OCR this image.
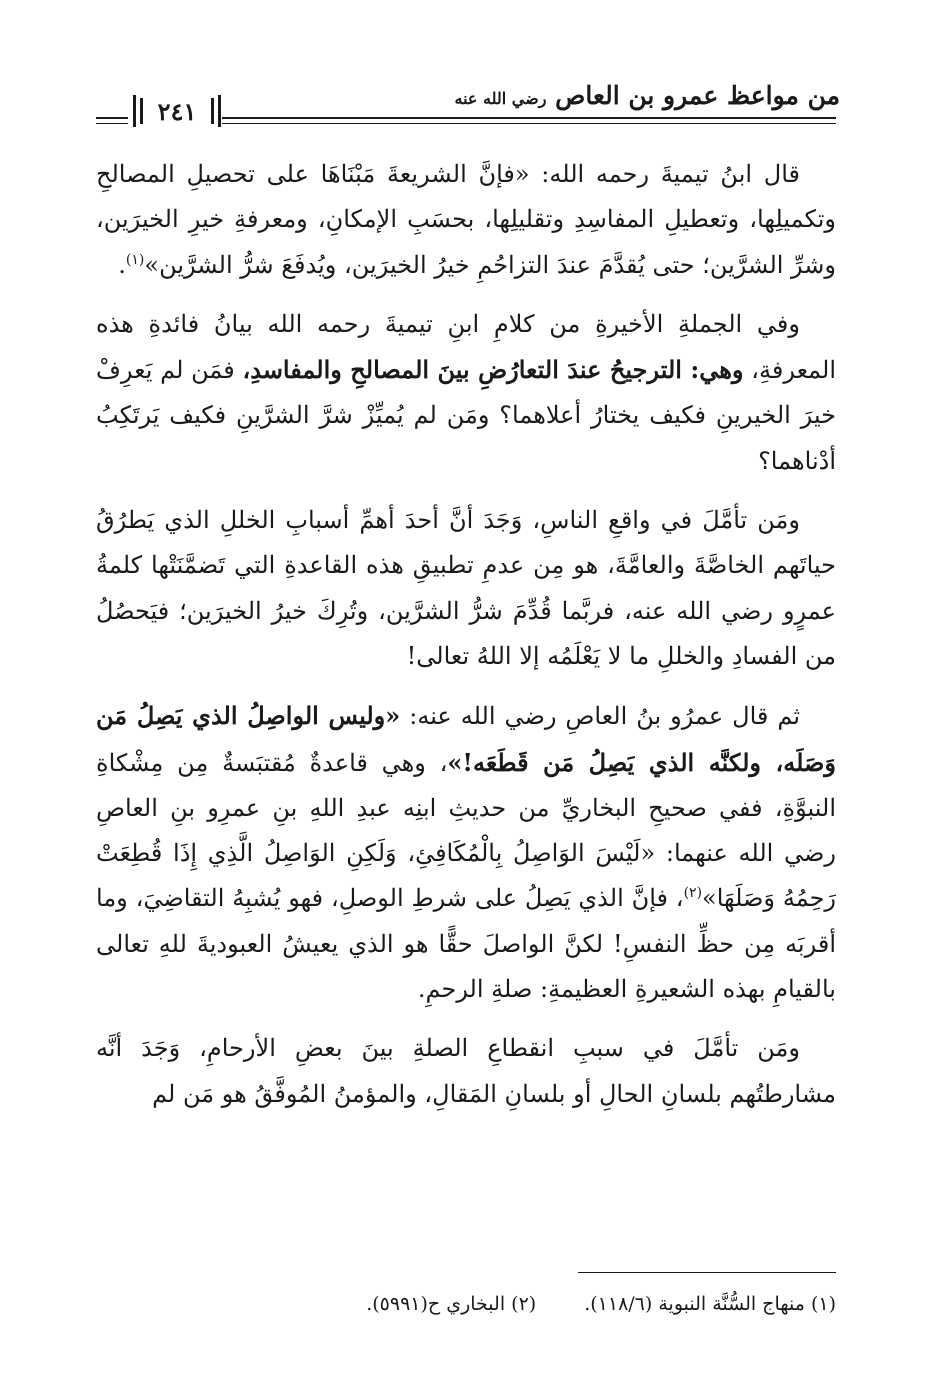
من مواعظ عمرو بن العاص رضي الله عنه
٢٤١

قال ابنُ تيميةَ رحمه الله: «فإنَّ الشريعةَ مَبْنَاهَا على تحصيلِ المصالحِ وتكميلِها، وتعطيلِ المفاسِدِ وتقليلِها، بحسَبِ الإمكانِ، ومعرفةِ خيرِ الخيرَين، وشرِّ الشرَّين؛ حتى يُقدَّمَ عندَ التزاحُمِ خيرُ الخيرَين، ويُدفَعَ شرُّ الشرَّين»$^{(١)}$.

وفي الجملةِ الأخيرةِ من كلامِ ابنِ تيميةَ رحمه الله بيانُ فائدةِ هذه المعرفةِ، وهي: الترجيحُ عندَ التعارُضِ بينَ المصالحِ والمفاسدِ، فمَن لم يَعرِفْ خيرَ الخيرينِ فكيف يختارُ أعلاهما؟ ومَن لم يُميِّزْ شرَّ الشرَّينِ فكيف يَرتَكِبُ أدْناهما؟

ومَن تأمَّلَ في واقعِ الناسِ، وَجَدَ أنَّ أحدَ أهمِّ أسبابِ الخللِ الذي يَطرُقُ حياتَهم الخاصَّةَ والعامَّةَ، هو مِن عدمِ تطبيقِ هذه القاعدةِ التي تَضمَّنَتْها كلمةُ عمرٍو رضي الله عنه، فربَّما قُدِّمَ شرُّ الشرَّين، وتُرِكَ خيرُ الخيرَين؛ فيَحصُلُ من الفسادِ والخللِ ما لا يَعْلَمُه إلا اللهُ تعالى!

ثم قال عمرُو بنُ العاصِ رضي الله عنه: «وليس الواصِلُ الذي يَصِلُ مَن وَصَلَه، ولكنَّه الذي يَصِلُ مَن قَطَعَه!»، وهي قاعدةٌ مُقتبَسةٌ مِن مِشْكاةِ النبوَّةِ، ففي صحيحِ البخاريِّ من حديثِ ابنِه عبدِ اللهِ بنِ عمرِو بنِ العاصِ رضي الله عنهما: «لَيْسَ الوَاصِلُ بِالْمُكَافِئِ، وَلَكِنِ الوَاصِلُ الَّذِي إِذَا قُطِعَتْ رَحِمُهُ وَصَلَهَا»$^{(٢)}$، فإنَّ الذي يَصِلُ على شرطِ الوصلِ، فهو يُشبِهُ التقاضِيَ، وما أقربَه مِن حظِّ النفسِ! لكنَّ الواصلَ حقًّا هو الذي يعيشُ العبوديةَ للهِ تعالى بالقيامِ بهذه الشعيرةِ العظيمةِ: صلةِ الرحمِ.

ومَن تأمَّلَ في سببِ انقطاعِ الصلةِ بينَ بعضِ الأرحامِ، وَجَدَ أنَّه مشارطتُهم بلسانِ الحالِ أو بلسانِ المَقالِ، والمؤمنُ المُوفَّقُ هو مَن لم

(١) منهاج السُّنَّة النبوية (١١٨/٦).
(٢) البخاري ح(٥٩٩١).
